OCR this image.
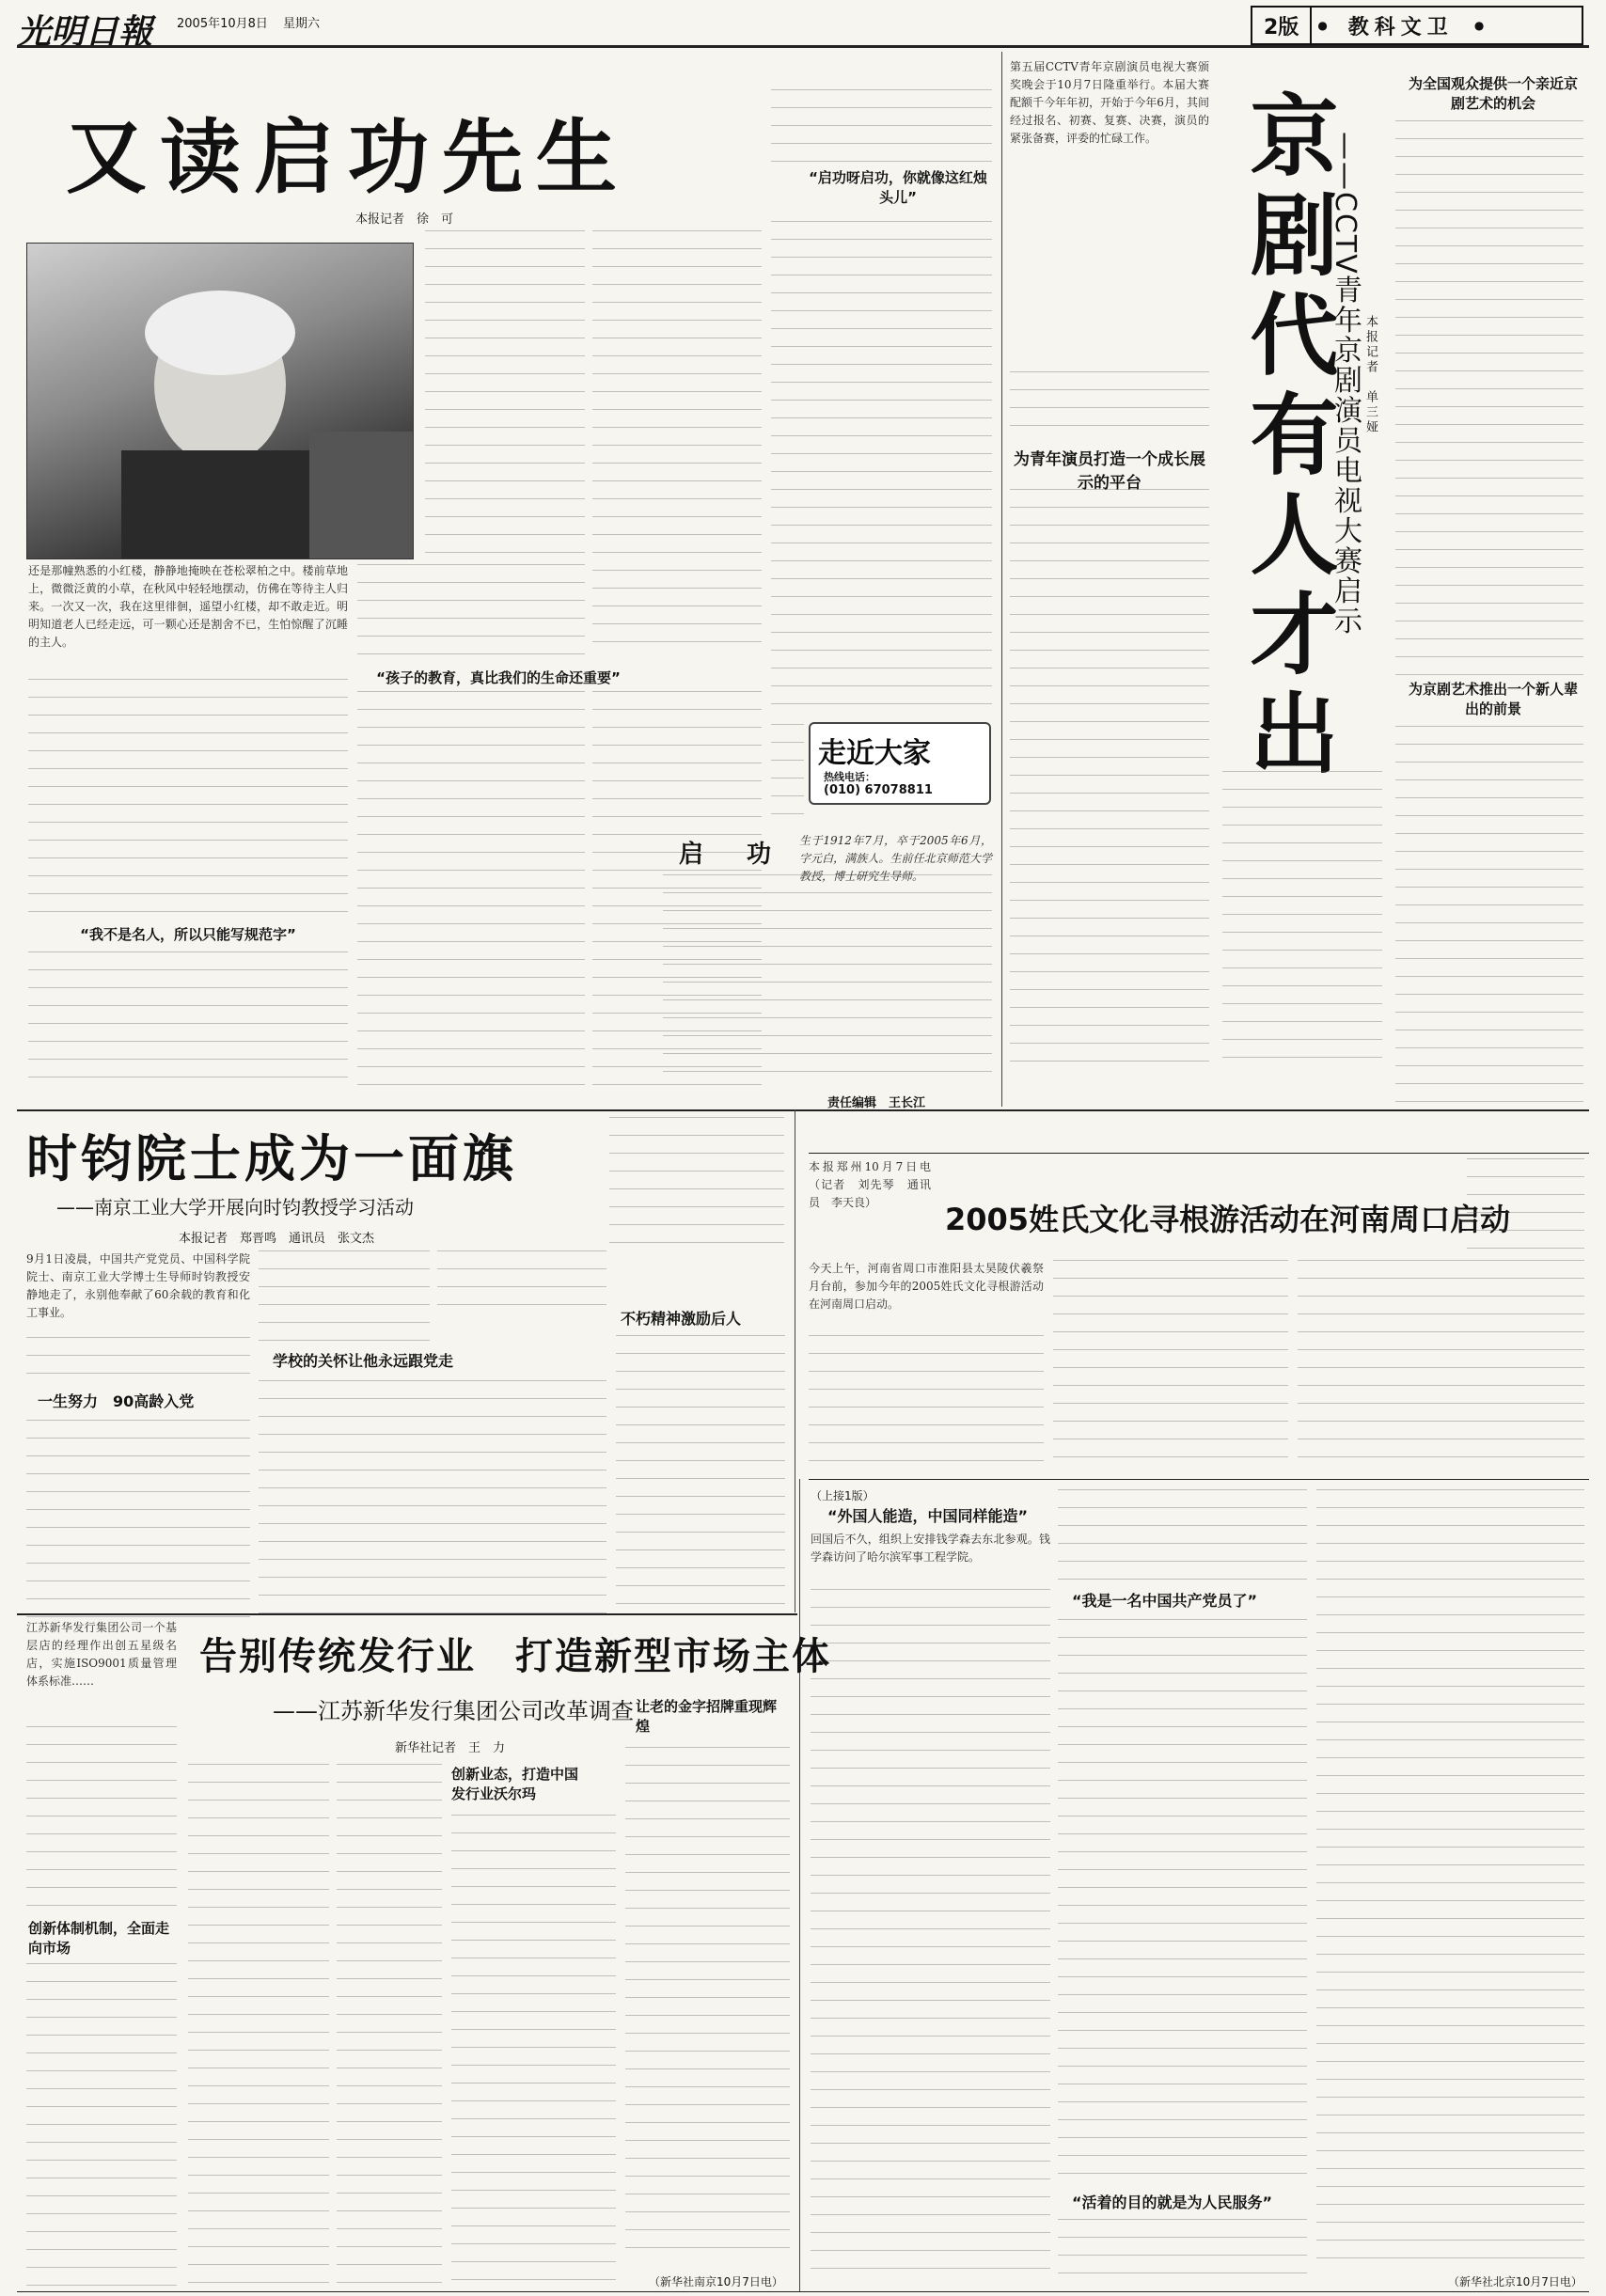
光明日報 2005年10月8日 星期六	2版	●	教科文卫	●
又读启功先生
本报记者　徐　可
还是那幢熟悉的小红楼，静静地掩映在苍松翠柏之中。楼前草地上，微微泛黄的小草，在秋风中轻轻地摆动，仿佛在等待主人归来。一次又一次，我在这里徘徊，遥望小红楼，却不敢走近。明明知道老人已经走远，可一颗心还是割舍不已，生怕惊醒了沉睡的主人。
“我不是名人，所以只能写规范字”
“孩子的教育，真比我们的生命还重要”
“启功呀启功，你就像这红烛头儿”
走近大家
热线电话：
(010) 67078811
启　功 生于1912年7月，卒于2005年6月，字元白，满族人。生前任北京师范大学教授，博士研究生导师。
第五届CCTV青年京剧演员电视大赛颁奖晚会于10月7日隆重举行。本届大赛配额千今年年初，开始于今年6月，其间经过报名、初赛、复赛、决赛，演员的紧张备赛，评委的忙碌工作。
为青年演员打造一个成长展示的平台	京剧代有人才出
——CCTV青年京剧演员电视大赛启示 本报记者　单三娅
为全国观众提供一个亲近京剧艺术的机会
为京剧艺术推出一个新人辈出的前景
责任编辑　王长江
时钧院士成为一面旗
——南京工业大学开展向时钧教授学习活动
本报记者　郑晋鸣　通讯员　张文杰
9月1日凌晨，中国共产党党员、中国科学院院士、南京工业大学博士生导师时钧教授安静地走了，永别他奉献了60余载的教育和化工事业。
一生努力　90高龄入党
学校的关怀让他永远跟党走
不朽精神激励后人
本报郑州10月7日电（记者　刘先琴　通讯员　李天良）	2005姓氏文化寻根游活动在河南周口启动
今天上午，河南省周口市淮阳县太昊陵伏羲祭月台前，参加今年的2005姓氏文化寻根游活动在河南周口启动。
（上接1版）
“外国人能造，中国同样能造”
回国后不久，组织上安排钱学森去东北参观。钱学森访问了哈尔滨军事工程学院。
“我是一名中国共产党员了”
“活着的目的就是为人民服务”
（新华社北京10月7日电）
江苏新华发行集团公司一个基层店的经理作出创五星级名店，实施ISO9001质量管理体系标准……
创新体制机制，全面走向市场
告别传统发行业　打造新型市场主体
——江苏新华发行集团公司改革调查
新华社记者　王　力
创新业态，打造中国发行业沃尔玛
让老的金字招牌重现辉煌
（新华社南京10月7日电）
